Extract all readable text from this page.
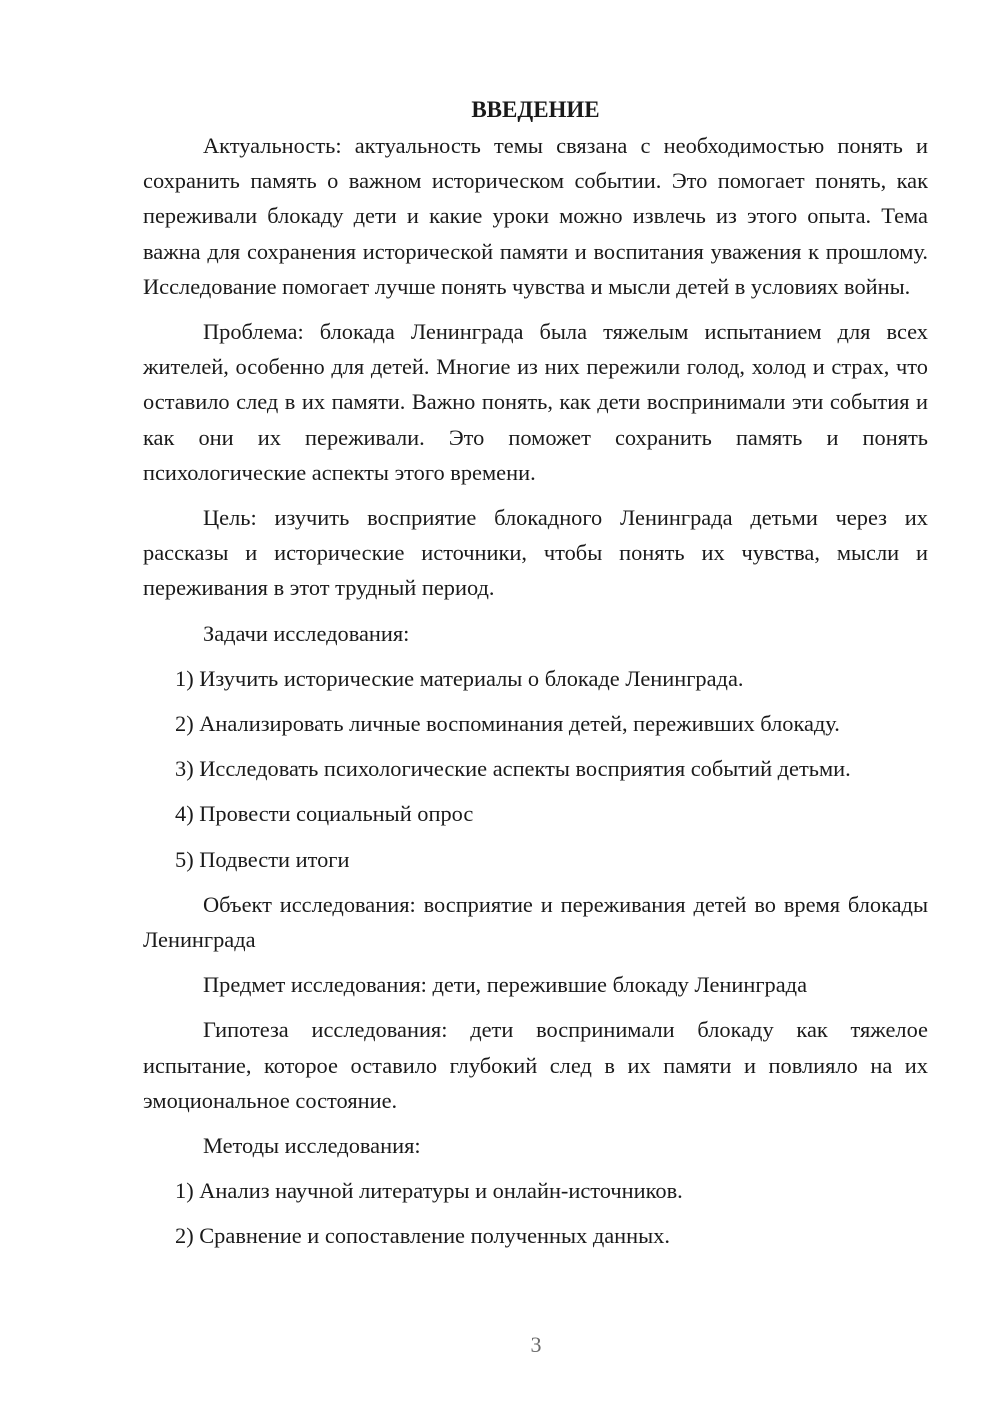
ВВЕДЕНИЕ

Актуальность: актуальность темы связана с необходимостью понять и сохранить память о важном историческом событии. Это помогает понять, как переживали блокаду дети и какие уроки можно извлечь из этого опыта. Тема важна для сохранения исторической памяти и воспитания уважения к прошлому. Исследование помогает лучше понять чувства и мысли детей в условиях войны.

Проблема: блокада Ленинграда была тяжелым испытанием для всех жителей, особенно для детей. Многие из них пережили голод, холод и страх, что оставило след в их памяти. Важно понять, как дети воспринимали эти события и как они их переживали. Это поможет сохранить память и понять психологические аспекты этого времени.

Цель: изучить восприятие блокадного Ленинграда детьми через их рассказы и исторические источники, чтобы понять их чувства, мысли и переживания в этот трудный период.

Задачи исследования:

1) Изучить исторические материалы о блокаде Ленинграда.
2) Анализировать личные воспоминания детей, переживших блокаду.
3) Исследовать психологические аспекты восприятия событий детьми.
4) Провести социальный опрос
5) Подвести итоги

Объект исследования: восприятие и переживания детей во время блокады Ленинграда

Предмет исследования: дети, пережившие блокаду Ленинграда

Гипотеза исследования: дети воспринимали блокаду как тяжелое испытание, которое оставило глубокий след в их памяти и повлияло на их эмоциональное состояние.

Методы исследования:

1) Анализ научной литературы и онлайн-источников.
2) Сравнение и сопоставление полученных данных.
3
